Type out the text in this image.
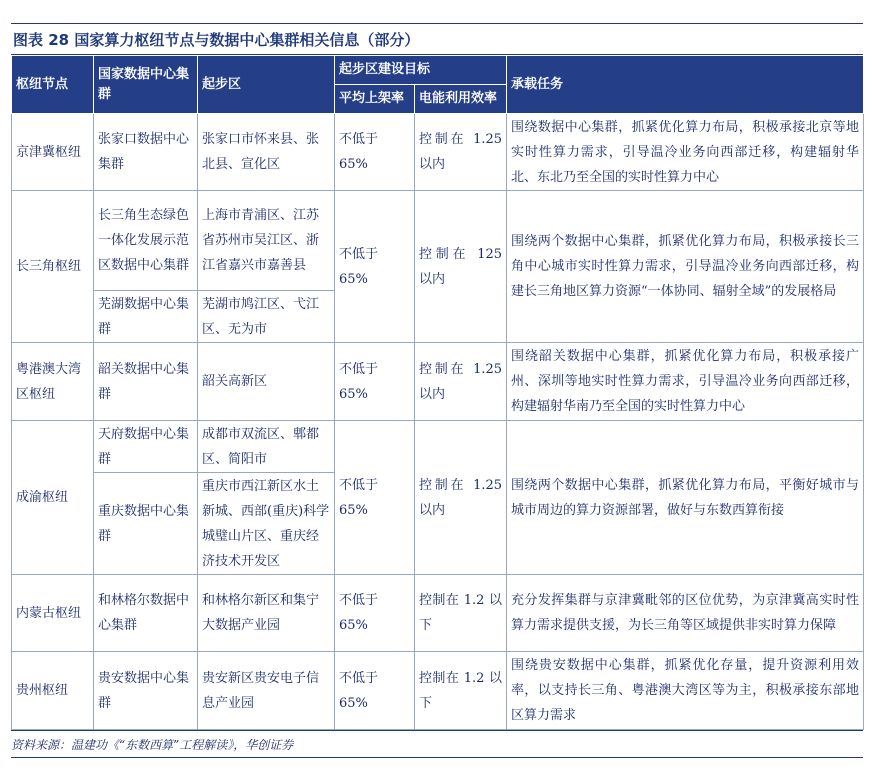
图表 28 国家算力枢纽节点与数据中心集群相关信息（部分）
枢纽节点	国家数据中心集群	起步区	起步区建设目标		承载任务
			平均上架率	电能利用效率	
京津冀枢纽	张家口数据中心集群	张家口市怀来县、张北县、宣化区	不低于 65%	控制在 1.25 以内	围绕数据中心集群，抓紧优化算力布局，积极承接北京等地实时性算力需求，引导温冷业务向西部迁移，构建辐射华北、东北乃至全国的实时性算力中心
长三角枢纽	长三角生态绿色一体化发展示范区数据中心集群	上海市青浦区、江苏省苏州市吴江区、浙江省嘉兴市嘉善县	不低于 65%	控制在 125 以内	围绕两个数据中心集群，抓紧优化算力布局，积极承接长三角中心城市实时性算力需求，引导温冷业务向西部迁移，构建长三角地区算力资源“一体协同、辐射全域”的发展格局
	芜湖数据中心集群	芜湖市鸠江区、弋江区、无为市			
粤港澳大湾区枢纽	韶关数据中心集群	韶关高新区	不低于 65%	控制在 1.25 以内	围绕韶关数据中心集群，抓紧优化算力布局，积极承接广州、深圳等地实时性算力需求，引导温冷业务向西部迁移，构建辐射华南乃至全国的实时性算力中心
成渝枢纽	天府数据中心集群	成都市双流区、郫都区、简阳市	不低于 65%	控制在 1.25 以内	围绕两个数据中心集群，抓紧优化算力布局，平衡好城市与城市周边的算力资源部署，做好与东数西算衔接
	重庆数据中心集群	重庆市西江新区水土新城、西部(重庆)科学城璧山片区、重庆经济技术开发区			
内蒙古枢纽	和林格尔数据中心集群	和林格尔新区和集宁大数据产业园	不低于 65%	控制在 1.2 以下	充分发挥集群与京津冀毗邻的区位优势，为京津冀高实时性算力需求提供支援，为长三角等区域提供非实时算力保障
贵州枢纽	贵安数据中心集群	贵安新区贵安电子信息产业园	不低于 65%	控制在 1.2 以下	围绕贵安数据中心集群，抓紧优化存量，提升资源利用效率，以支持长三角、粤港澳大湾区等为主，积极承接东部地区算力需求
资料来源：温建功《“东数西算”工程解读》，华创证券
